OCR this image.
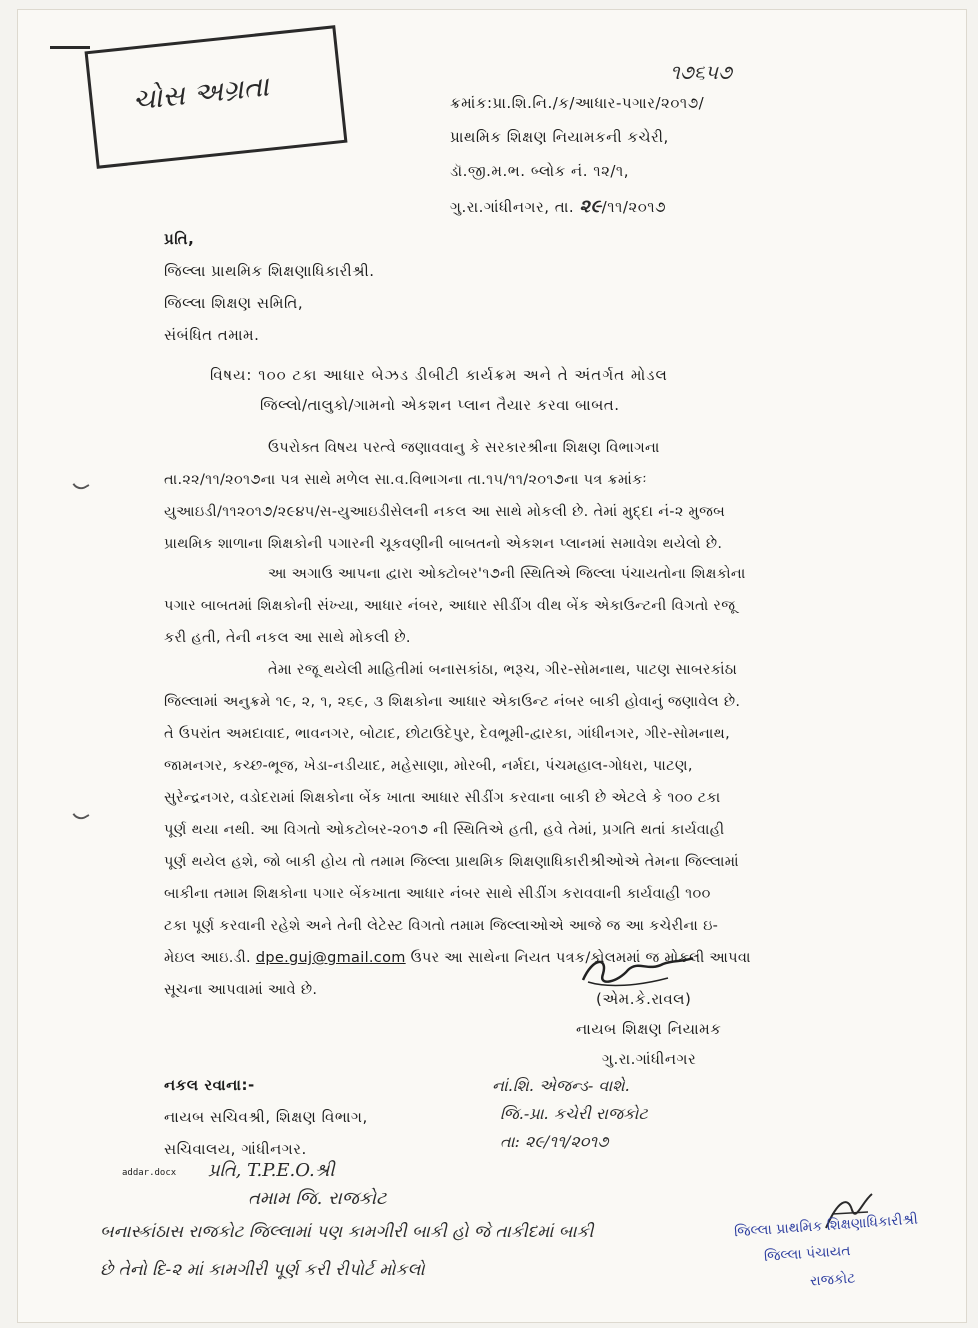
ચોસ અગ્રતા	૧૭૬૫૭
ક્રમાંક:પ્રા.શિ.નિ./ક/આધાર-પગાર/૨૦૧૭/
પ્રાથમિક શિક્ષણ નિયામકની કચેરી,
ડૉ.જી.મ.ભ. બ્લોક નં. ૧૨/૧,
ગુ.રા.ગાંધીનગર, તા. ૨૯/૧૧/૨૦૧૭
પ્રતિ,
જિલ્લા પ્રાથમિક શિક્ષણાધિકારીશ્રી.
જિલ્લા શિક્ષણ સમિતિ,
સંબંધિત તમામ.
વિષય: ૧૦૦ ટકા આધાર બેઝડ ડીબીટી કાર્યક્રમ અને તે અંતર્ગત મોડલ
જિલ્લો/તાલુકો/ગામનો એકશન પ્લાન તૈયાર કરવા બાબત.
ઉપરોક્ત વિષય પરત્વે જણાવવાનુ કે સરકારશ્રીના શિક્ષણ વિભાગના
તા.૨૨/૧૧/૨૦૧૭ના પત્ર સાથે મળેલ સા.વ.વિભાગના તા.૧૫/૧૧/૨૦૧૭ના પત્ર ક્રમાંકઃ
યુઆઇડી/૧૧૨૦૧૭/૨૯૪૫/સ-યુઆઇડીસેલની નકલ આ સાથે મોકલી છે. તેમાં મુદ્દા નં-૨ મુજબ
પ્રાથમિક શાળાના શિક્ષકોની પગારની ચૂકવણીની બાબતનો એકશન પ્લાનમાં સમાવેશ થયેલો છે.
આ અગાઉ આપના દ્વારા ઓક્ટોબર'૧૭ની સ્થિતિએ જિલ્લા પંચાયતોના શિક્ષકોના
પગાર બાબતમાં શિક્ષકોની સંખ્યા, આધાર નંબર, આધાર સીડીંગ વીથ બેંક એકાઉન્ટની વિગતો રજૂ
કરી હતી, તેની નકલ આ સાથે મોકલી છે.
તેમા રજૂ થયેલી માહિતીમાં બનાસકાંઠા, ભરૂચ, ગીર-સોમનાથ, પાટણ સાબરકાંઠા
જિલ્લામાં અનુક્રમે ૧૯, ૨, ૧, ૨૬૯, ૩ શિક્ષકોના આધાર એકાઉન્ટ નંબર બાકી હોવાનું જણાવેલ છે.
તે ઉપરાંત અમદાવાદ, ભાવનગર, બોટાદ, છોટાઉદેપુર, દેવભૂમી-દ્વારકા, ગાંધીનગર, ગીર-સોમનાથ,
જામનગર, કચ્છ-ભૂજ, ખેડા-નડીયાદ, મહેસાણા, મોરબી, નર્મદા, પંચમહાલ-ગોધરા, પાટણ,
સુરેન્દ્રનગર, વડોદરામાં શિક્ષકોના બેંક ખાતા આધાર સીડીંગ કરવાના બાકી છે એટલે કે ૧૦૦ ટકા
પૂર્ણ થયા નથી. આ વિગતો ઓકટોબર-૨૦૧૭ ની સ્થિતિએ હતી, હવે તેમાં, પ્રગતિ થતાં કાર્યવાહી
પૂર્ણ થયેલ હશે, જો બાકી હોય તો તમામ જિલ્લા પ્રાથમિક શિક્ષણાધિકારીશ્રીઓએ તેમના જિલ્લામાં
બાકીના તમામ શિક્ષકોના પગાર બેંકખાતા આધાર નંબર સાથે સીડીંગ કરાવવાની કાર્યવાહી ૧૦૦
ટકા પૂર્ણ કરવાની રહેશે અને તેની લેટેસ્ટ વિગતો તમામ જિલ્લાઓએ આજે જ આ કચેરીના ઇ-
મેઇલ આઇ.ડી. dpe.guj@gmail.com ઉપર આ સાથેના નિયત પત્રક/કોલમમાં જ મોકલી આપવા
સૂચના આપવામાં આવે છે.	(એમ.કે.રાવલ)
નાયબ શિક્ષણ નિયામક
ગુ.રા.ગાંધીનગર
નકલ રવાના:-
નાયબ સચિવશ્રી, શિક્ષણ વિભાગ,
સચિવાલય, ગાંધીનગર.
addar.docx
નાં.શિ. એજન્ડ- વાશે.
જિ.-પ્રા. કચેરી રાજકોટ
તા: ૨૯/૧૧/૨૦૧૭
પ્રતિ, T.P.E.O.શ્રી
તમામ જિ. રાજકોટ
બનાસ્કાંઠાસ રાજકોટ જિલ્લામાં પણ કામગીરી બાકી હો જે તાકીદમાં બાકી
છે તેનો દિ-૨ માં કામગીરી પૂર્ણ કરી રીપોર્ટ મોકલો
જિલ્લા પ્રાથમિક શિક્ષણાધિકારીશ્રી
જિલ્લા પંચાયત
રાજકોટ
